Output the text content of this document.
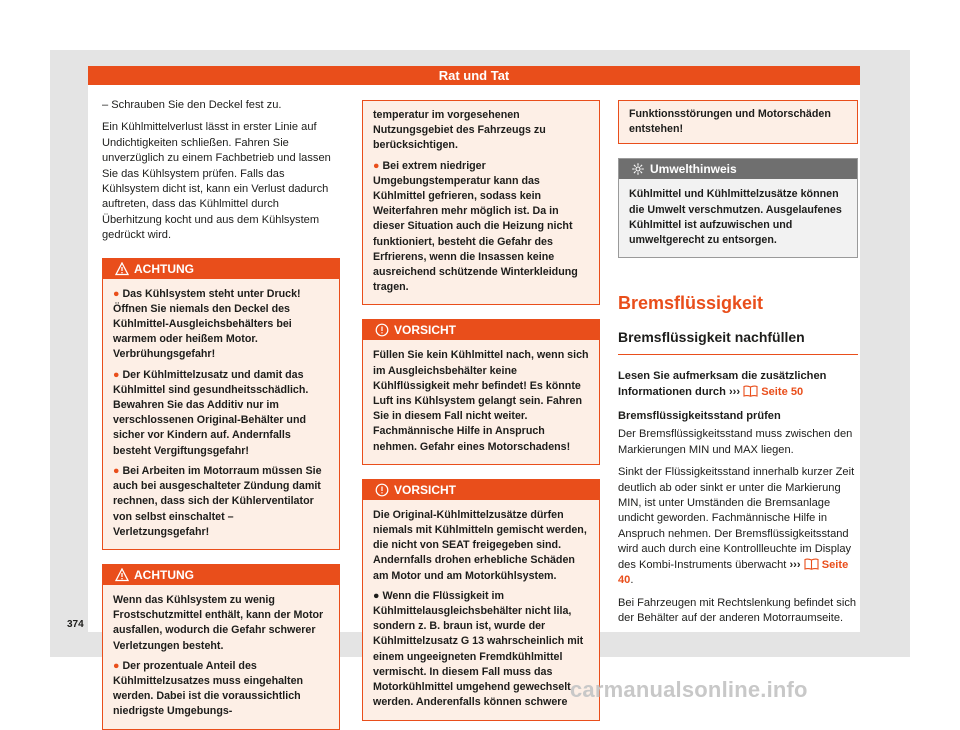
Rat und Tat

– Schrauben Sie den Deckel fest zu.

Ein Kühlmittelverlust lässt in erster Linie auf Undichtigkeiten schließen. Fahren Sie unverzüglich zu einem Fachbetrieb und lassen Sie das Kühlsystem prüfen. Falls das Kühlsystem dicht ist, kann ein Verlust dadurch auftreten, dass das Kühlmittel durch Überhitzung kocht und aus dem Kühlsystem gedrückt wird.

ACHTUNG

● Das Kühlsystem steht unter Druck! Öffnen Sie niemals den Deckel des Kühlmittel-Ausgleichsbehälters bei warmem oder heißem Motor. Verbrühungsgefahr!

● Der Kühlmittelzusatz und damit das Kühlmittel sind gesundheitsschädlich. Bewahren Sie das Additiv nur im verschlossenen Original-Behälter und sicher vor Kindern auf. Andernfalls besteht Vergiftungsgefahr!

● Bei Arbeiten im Motorraum müssen Sie auch bei ausgeschalteter Zündung damit rechnen, dass sich der Kühlerventilator von selbst einschaltet – Verletzungsgefahr!

ACHTUNG

Wenn das Kühlsystem zu wenig Frostschutzmittel enthält, kann der Motor ausfallen, wodurch die Gefahr schwerer Verletzungen besteht.

● Der prozentuale Anteil des Kühlmittelzusatzes muss eingehalten werden. Dabei ist die voraussichtlich niedrigste Umgebungs-

temperatur im vorgesehenen Nutzungsgebiet des Fahrzeugs zu berücksichtigen.

● Bei extrem niedriger Umgebungstemperatur kann das Kühlmittel gefrieren, sodass kein Weiterfahren mehr möglich ist. Da in dieser Situation auch die Heizung nicht funktioniert, besteht die Gefahr des Erfrierens, wenn die Insassen keine ausreichend schützende Winterkleidung tragen.

VORSICHT

Füllen Sie kein Kühlmittel nach, wenn sich im Ausgleichsbehälter keine Kühlflüssigkeit mehr befindet! Es könnte Luft ins Kühlsystem gelangt sein. Fahren Sie in diesem Fall nicht weiter. Fachmännische Hilfe in Anspruch nehmen. Gefahr eines Motorschadens!

VORSICHT

Die Original-Kühlmittelzusätze dürfen niemals mit Kühlmitteln gemischt werden, die nicht von SEAT freigegeben sind. Andernfalls drohen erhebliche Schäden am Motor und am Motorkühlsystem.

● Wenn die Flüssigkeit im Kühlmittelausgleichsbehälter nicht lila, sondern z. B. braun ist, wurde der Kühlmittelzusatz G 13 wahrscheinlich mit einem ungeeigneten Fremdkühlmittel vermischt. In diesem Fall muss das Motorkühlmittel umgehend gewechselt werden. Anderenfalls können schwere

Funktionsstörungen und Motorschäden entstehen!

Umwelthinweis

Kühlmittel und Kühlmittelzusätze können die Umwelt verschmutzen. Ausgelaufenes Kühlmittel ist aufzuwischen und umweltgerecht zu entsorgen.

Bremsflüssigkeit
Bremsflüssigkeit nachfüllen

Lesen Sie aufmerksam die zusätzlichen Informationen durch ››› Seite 50

Bremsflüssigkeitsstand prüfen

Der Bremsflüssigkeitsstand muss zwischen den Markierungen MIN und MAX liegen.

Sinkt der Flüssigkeitsstand innerhalb kurzer Zeit deutlich ab oder sinkt er unter die Markierung MIN, ist unter Umständen die Bremsanlage undicht geworden. Fachmännische Hilfe in Anspruch nehmen. Der Bremsflüssigkeitsstand wird auch durch eine Kontrollleuchte im Display des Kombi-Instruments überwacht ››› Seite 40.

Bei Fahrzeugen mit Rechtslenkung befindet sich der Behälter auf der anderen Motorraumseite.

374
carmanualsonline.info
